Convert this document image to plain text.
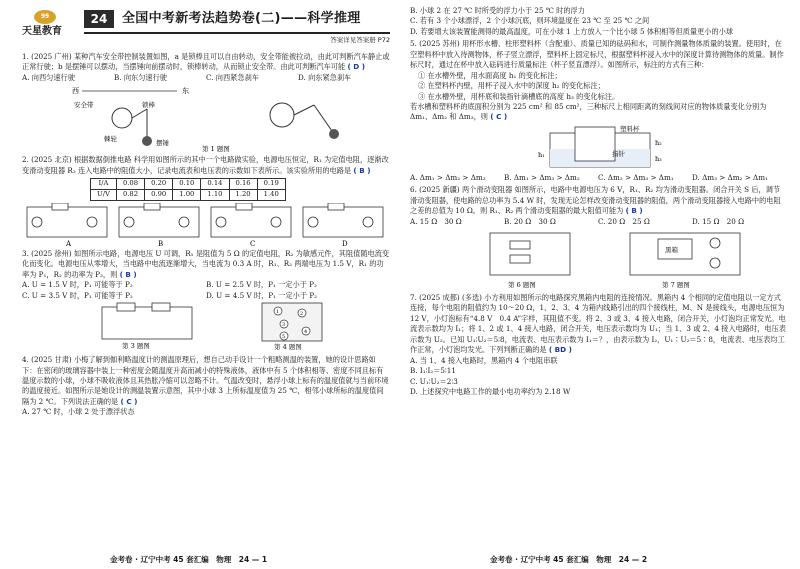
99
天星教育
24	全国中考新考法趋势卷(二)——科学推理
答案详见答案册 P72
1. (2025 广州) 某种汽车安全带控制装置如图，a 是锁棒且可以自由转动，安全带能被拉动，由此可判断汽车静止或正常行驶；b 是摆锤可以摆动，当摆锤向前摆动时，锁棒转动，从而锁止安全带。由此可判断汽车可能 ( D )
A. 向西匀速行驶	B. 向东匀速行驶	C. 向西紧急刹车	D. 向东紧急刹车
西	东
安全带	锁棒
棘轮	摆锤
第 1 题图
2. (2025 北京) 根据数据倒推电路 科学用如图所示的其中一个电路做实验，电源电压恒定，R₁ 为定值电阻，逐渐改变滑动变阻器 R₂ 连入电路中的阻值大小，记录电流表和电压表的示数如下表所示。该实验所用的电路是 ( B )
I/A	0.08	0.20	0.10	0.14	0.16	0.19
U/V	0.82	0.90	1.00	1.10	1.20	1.40
A	B	C	D
3. (2025 徐州) 如图所示电路，电源电压 U 可调，R₁ 是阻值为 5 Ω 的定值电阻，R₂ 为敏感元件，其阻值随电流变化而变化。电源电压从零增大，当电路中电流逐渐增大，当电流为 0.3 A 时，R₁、R₂ 两端电压为 1.5 V，R₁ 的功率为 P₁，R₂ 的功率为 P₂，则 ( B )
A. U = 1.5 V 时，P₁ 可能等于 P₂	B. U = 2.5 V 时，P₁ 一定小于 P₂
C. U = 3.5 V 时，P₁ 可能等于 P₂	D. U = 4.5 V 时，P₁ 一定小于 P₂
第 3 题图
1	2
3
4
5
第 4 题图
4. (2025 甘肃) 小梅了解到伽利略温度计的测温原理后，想自己动手设计一个粗略测温的装置，她的设计思路如下：在密闭的玻璃容器中装上一种密度会随温度升高而减小的特殊液体，液体中有 5 个体积相等、密度不同且标有温度示数的小球，小球不吸收液体且其热胀冷缩可以忽略不计。气温改变时，悬浮小球上标有的温度值就与当前环境的温度接近。如图所示是她设计的测温装置示意图，其中小球 3 上所标温度值为 25 ℃，相邻小球所标的温度值间隔为 2 ℃。下列说法正确的是 ( C )
A. 27 ℃ 时，小球 2 处于漂浮状态
金考卷 · 辽宁中考 45 套汇编　物理　24 — 1
B. 小球 2 在 27 ℃ 时所受的浮力小于 25 ℃ 时的浮力
C. 若有 3 个小球漂浮，2 个小球沉底，则环境温度在 23 ℃ 至 25 ℃ 之间
D. 若要增大该装置能测得的最高温度，可在小球 1 上方放入一个比小球 5 体积相等但质量更小的小球
5. (2025 苏州) 用杯形水槽、柱形塑料杯（含配重）、质量已知的砝码和水，可制作测量物体质量的装置。使用时，在空塑料杯中放入待测物体，杯子竖立漂浮，塑料杯上固定标尺，根据塑料杯浸入水中的深度计算待测物体的质量。制作标尺时，通过在杯中放入砝码进行质量标注（杯子竖直漂浮）。如图所示，标注的方式有三种：
① 在水槽外壁，用水面高度 h₁ 的变化标注；
② 在塑料杯内壁，用杯子浸入水中的深度 h₂ 的变化标注；
③ 在水槽外壁，用杯底和装指针滴槽底的高度 h₃ 的变化标注。
若水槽和塑料杯的底面积分别为 225 cm² 和 85 cm²，三种标尺上相同距离的刻线间对应的物体质量变化分别为 Δm₁、Δm₂ 和 Δm₃，则 ( C )
塑料杯
指针
h₁
h₂
h₃
A. Δm₁ > Δm₂ > Δm₃	B. Δm₁ > Δm₃ > Δm₂	C. Δm₂ > Δm₃ > Δm₁	D. Δm₃ > Δm₂ > Δm₁
6. (2025 新疆) 两个滑动变阻器 如图所示，电路中电源电压为 6 V，R₁、R₂ 均为滑动变阻器。闭合开关 S 后，调节滑动变阻器，使电路的总功率为 5.4 W 时，发现无论怎样改变滑动变阻器的阻值，两个滑动变阻器接入电路中的电阻之差的总值为 10 Ω。则 R₁、R₂ 两个滑动变阻器的最大阻值可能为 ( B )
A. 15 Ω　30 Ω	B. 20 Ω　30 Ω	C. 20 Ω　25 Ω	D. 15 Ω　20 Ω
第 6 题图
黑箱
第 7 题图
7. (2025 成都) (多选) 小方利用如图所示的电路探究黑箱内电阻的连接情况。黑箱内 4 个相同的定值电阻以一定方式连接，每个电阻的阻值约为 10～20 Ω，1、2、3、4 为箱内线路引出的四个接线柱，M、N 是接线头，电源电压恒为 12 V，小灯泡标有“4.8 V　0.4 A”字样，其阻值不变。将 2、3 或 3、4 接入电路，闭合开关，小灯泡均正常发光。电流表示数均为 I₁；将 1、2 或 1、4 接入电路，闭合开关，电压表示数均为 U₁；当 1、3 或 2、4 接入电路时，电压表示数为 U₂。已知 U₁∶U₂＝5∶8，电流表、电压表示数为 I₁＝？，由表示数为 I₂，U₁∶U₂＝5∶8，电流表、电压表均工作正常，小灯泡均发光。下列判断正确的是 ( BD )
A. 当 1、4 接入电路时，黑箱内 4 个电阻串联
B. I₁∶I₂＝5∶11
C. U₁∶U₂＝2∶3
D. 上述探究中电路工作的最小电功率约为 2.18 W
金考卷 · 辽宁中考 45 套汇编　物理　24 — 2
